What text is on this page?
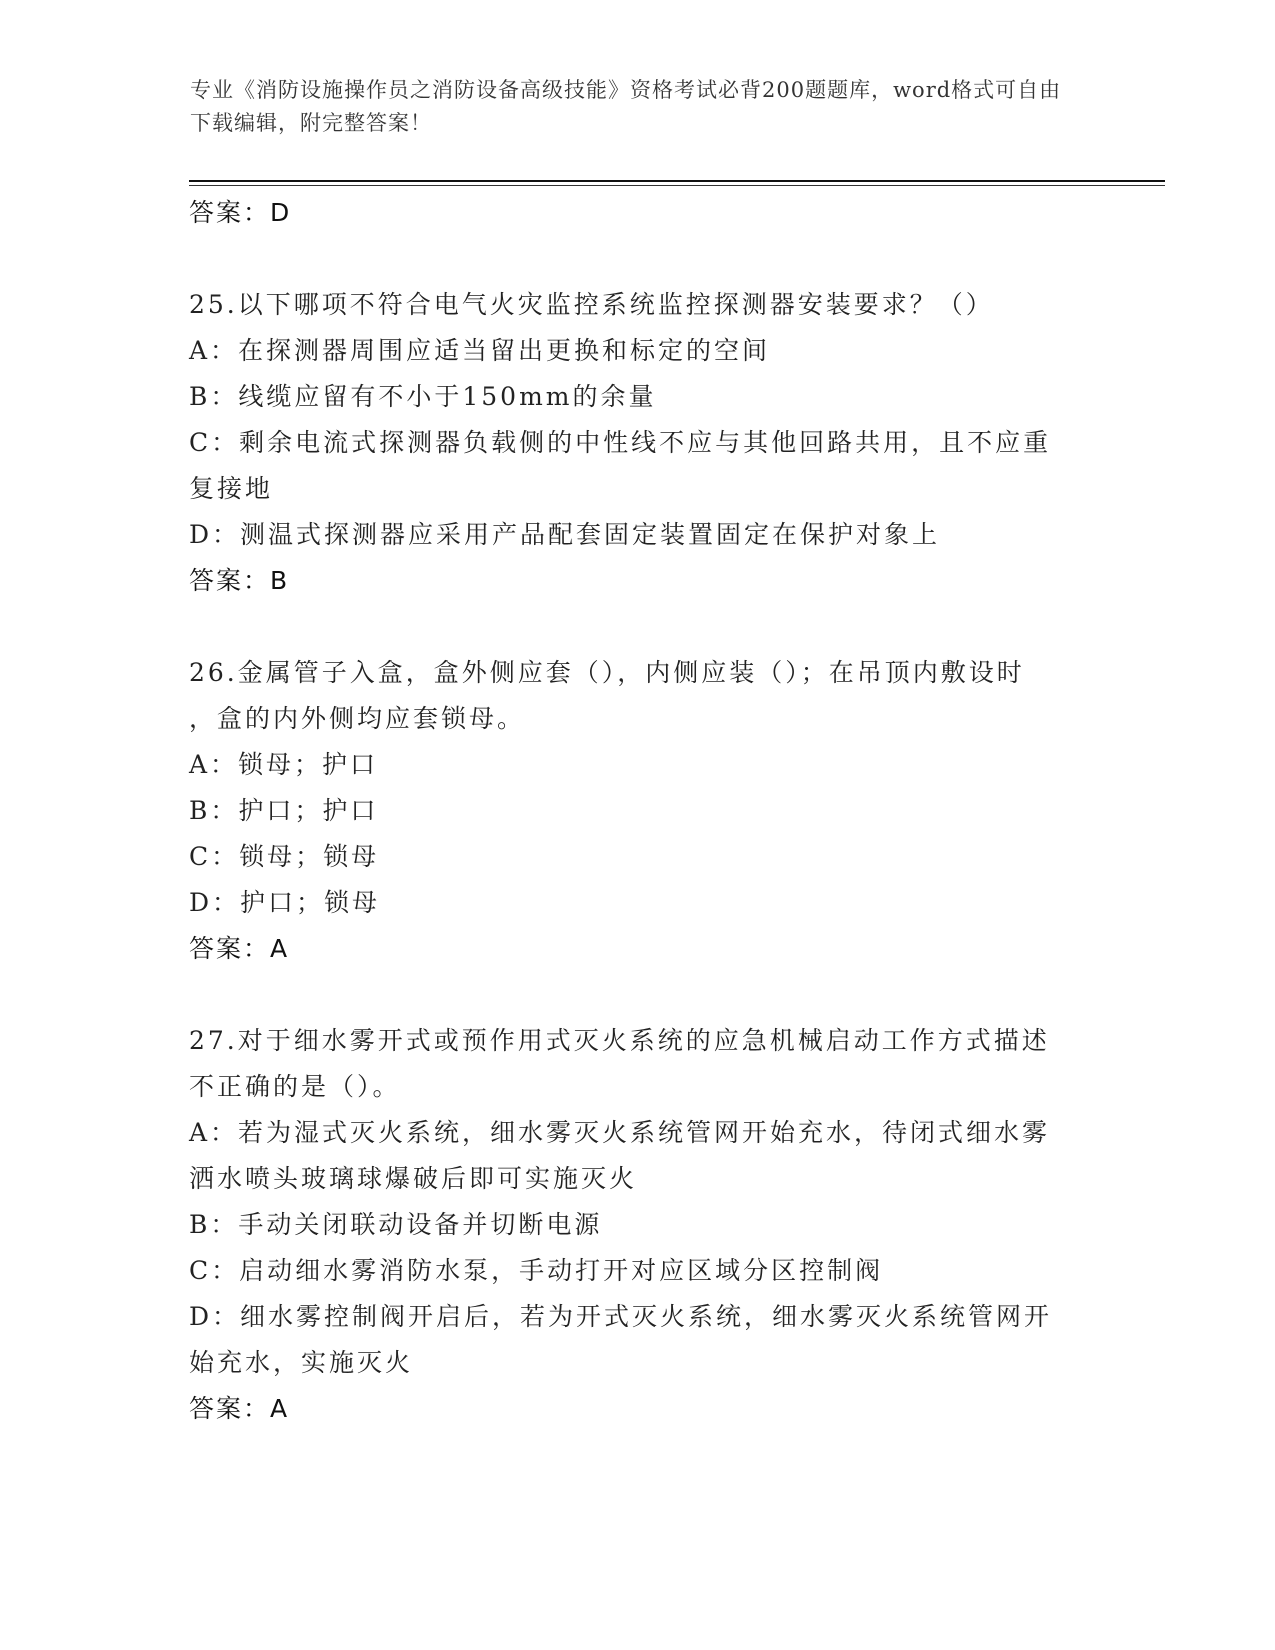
专业《消防设施操作员之消防设备高级技能》资格考试必背200题题库，word格式可自由下载编辑，附完整答案！
答案：D
25.以下哪项不符合电气火灾监控系统监控探测器安装要求？（）
A：在探测器周围应适当留出更换和标定的空间
B：线缆应留有不小于150mm的余量
C：剩余电流式探测器负载侧的中性线不应与其他回路共用，且不应重
复接地
D：测温式探测器应采用产品配套固定装置固定在保护对象上
答案：B
26.金属管子入盒，盒外侧应套（），内侧应装（）；在吊顶内敷设时
，盒的内外侧均应套锁母。
A：锁母；护口
B：护口；护口
C：锁母；锁母
D：护口；锁母
答案：A
27.对于细水雾开式或预作用式灭火系统的应急机械启动工作方式描述
不正确的是（）。
A：若为湿式灭火系统，细水雾灭火系统管网开始充水，待闭式细水雾
洒水喷头玻璃球爆破后即可实施灭火
B：手动关闭联动设备并切断电源
C：启动细水雾消防水泵，手动打开对应区域分区控制阀
D：细水雾控制阀开启后，若为开式灭火系统，细水雾灭火系统管网开
始充水，实施灭火
答案：A
